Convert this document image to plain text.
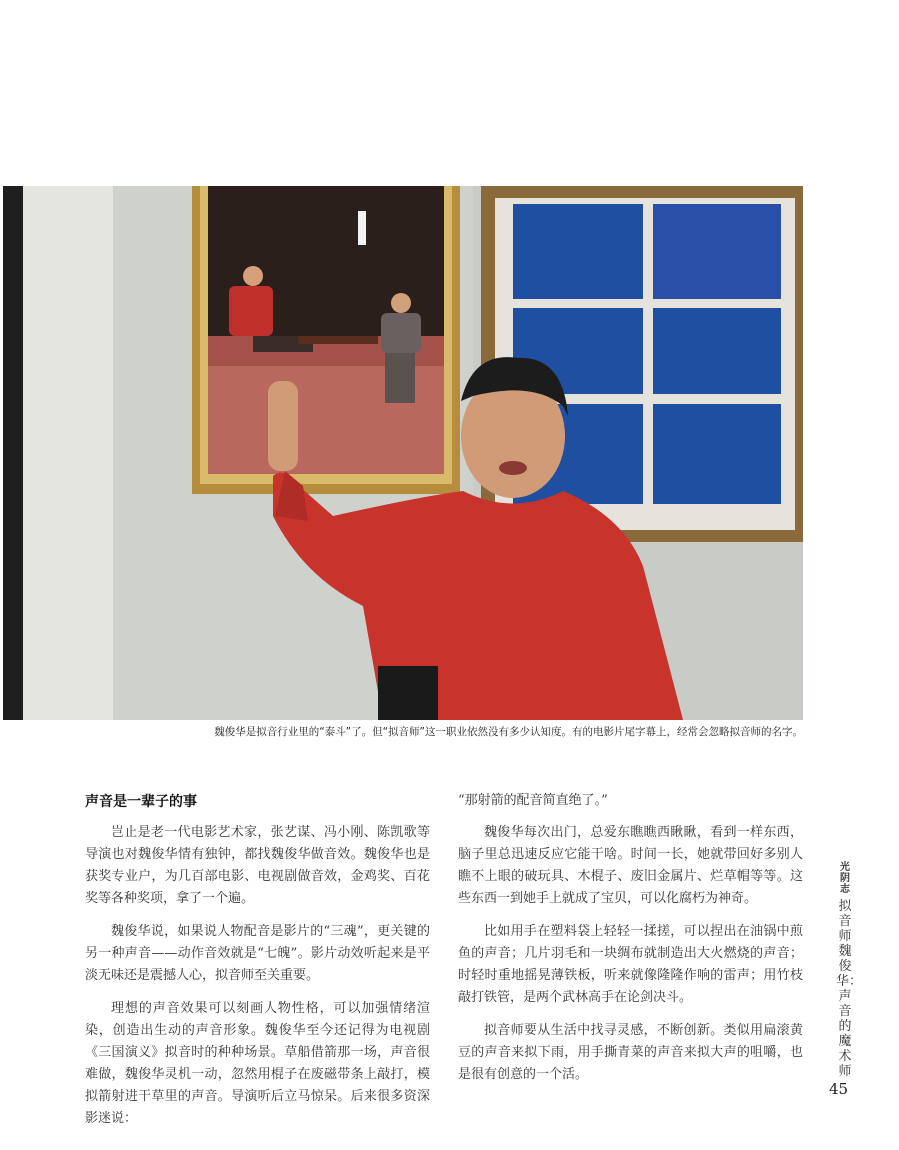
魏俊华是拟音行业里的“泰斗”了。但“拟音师”这一职业依然没有多少认知度。有的电影片尾字幕上，经常会忽略拟音师的名字。
声音是一辈子的事

岂止是老一代电影艺术家，张艺谋、冯小刚、陈凯歌等导演也对魏俊华情有独钟，都找魏俊华做音效。魏俊华也是获奖专业户，为几百部电影、电视剧做音效，金鸡奖、百花奖等各种奖项，拿了一个遍。

魏俊华说，如果说人物配音是影片的“三魂”，更关键的另一种声音——动作音效就是“七魄”。影片动效听起来是平淡无味还是震撼人心，拟音师至关重要。

理想的声音效果可以刻画人物性格，可以加强情绪渲染，创造出生动的声音形象。魏俊华至今还记得为电视剧《三国演义》拟音时的种种场景。草船借箭那一场，声音很难做，魏俊华灵机一动，忽然用棍子在废磁带条上敲打，模拟箭射进干草里的声音。导演听后立马惊呆。后来很多资深影迷说：

“那射箭的配音简直绝了。”

魏俊华每次出门，总爱东瞧瞧西瞅瞅，看到一样东西，脑子里总迅速反应它能干啥。时间一长，她就带回好多别人瞧不上眼的破玩具、木棍子、废旧金属片、烂草帽等等。这些东西一到她手上就成了宝贝，可以化腐朽为神奇。

比如用手在塑料袋上轻轻一揉搓，可以捏出在油锅中煎鱼的声音；几片羽毛和一块绸布就制造出大火燃烧的声音；时轻时重地摇晃薄铁板，听来就像隆隆作响的雷声；用竹枝敲打铁管，是两个武林高手在论剑决斗。

拟音师要从生活中找寻灵感，不断创新。类似用扁滚黄豆的声音来拟下雨，用手撕青菜的声音来拟大声的咀嚼，也是很有创意的一个活。

光阴志
拟音师魏俊华：声音的魔术师
45
